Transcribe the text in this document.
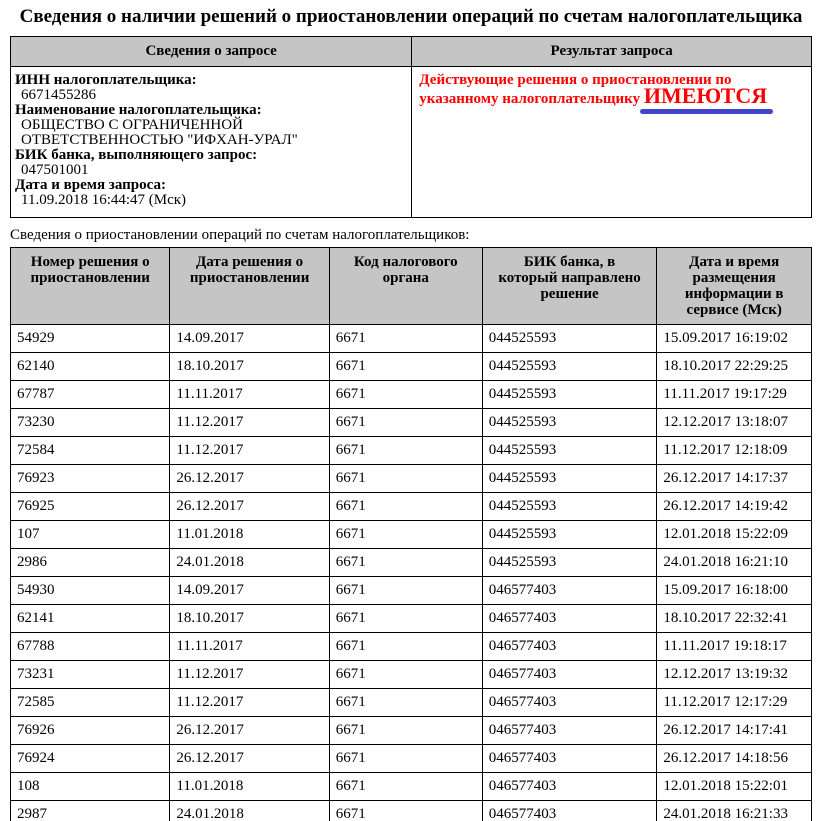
Сведения о наличии решений о приостановлении операций по счетам налогоплательщика
Сведения о запросе	Результат запроса

ИНН налогоплательщика:
6671455286
Наименование налогоплательщика:
ОБЩЕСТВО С ОГРАНИЧЕННОЙ ОТВЕТСТВЕННОСТЬЮ "ИФХАН-УРАЛ"
БИК банка, выполняющего запрос:
047501001
Дата и время запроса:
11.09.2018 16:44:47 (Мск)
	Действующие решения о приостановлении по указанному налогоплательщику ИМЕЮТСЯ

Сведения о приостановлении операций по счетам налогоплательщиков:

Номер решения о приостановлении	Дата решения о приостановлении	Код налогового органа	БИК банка, в который направлено решение	Дата и время размещения информации в сервисе (Мск)
54929	14.09.2017	6671	044525593	15.09.2017 16:19:02
62140	18.10.2017	6671	044525593	18.10.2017 22:29:25
67787	11.11.2017	6671	044525593	11.11.2017 19:17:29
73230	11.12.2017	6671	044525593	12.12.2017 13:18:07
72584	11.12.2017	6671	044525593	11.12.2017 12:18:09
76923	26.12.2017	6671	044525593	26.12.2017 14:17:37
76925	26.12.2017	6671	044525593	26.12.2017 14:19:42
107	11.01.2018	6671	044525593	12.01.2018 15:22:09
2986	24.01.2018	6671	044525593	24.01.2018 16:21:10
54930	14.09.2017	6671	046577403	15.09.2017 16:18:00
62141	18.10.2017	6671	046577403	18.10.2017 22:32:41
67788	11.11.2017	6671	046577403	11.11.2017 19:18:17
73231	11.12.2017	6671	046577403	12.12.2017 13:19:32
72585	11.12.2017	6671	046577403	11.12.2017 12:17:29
76926	26.12.2017	6671	046577403	26.12.2017 14:17:41
76924	26.12.2017	6671	046577403	26.12.2017 14:18:56
108	11.01.2018	6671	046577403	12.01.2018 15:22:01
2987	24.01.2018	6671	046577403	24.01.2018 16:21:33
